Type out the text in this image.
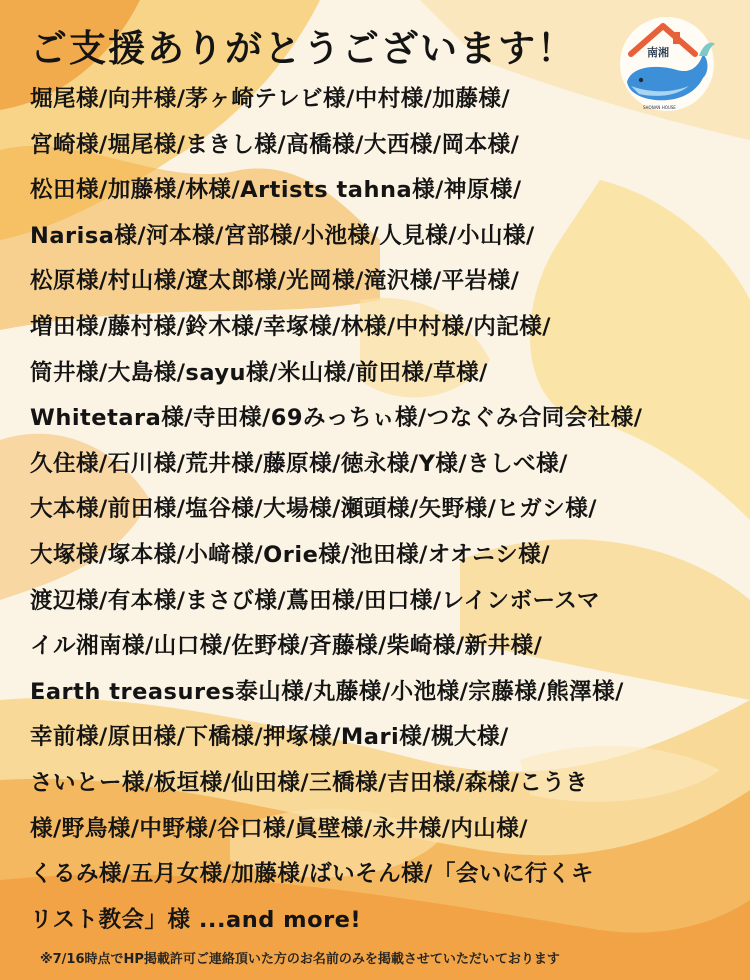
ご支援ありがとうございます！	南湘
SHONAN HOUSE
堀尾様/向井様/茅ヶ崎テレビ様/中村様/加藤様/
宮崎様/堀尾様/まきし様/高橋様/大西様/岡本様/
松田様/加藤様/林様/Artists tahna様/神原様/
Narisa様/河本様/宮部様/小池様/人見様/小山様/
松原様/村山様/遼太郎様/光岡様/滝沢様/平岩様/
増田様/藤村様/鈴木様/幸塚様/林様/中村様/内記様/
筒井様/大島様/sayu様/米山様/前田様/草様/
Whitetara様/寺田様/69みっちぃ様/つなぐみ合同会社様/
久住様/石川様/荒井様/藤原様/徳永様/Y様/きしべ様/
大本様/前田様/塩谷様/大場様/瀬頭様/矢野様/ヒガシ様/
大塚様/塚本様/小﨑様/Orie様/池田様/オオニシ様/
渡辺様/有本様/まさび様/蔦田様/田口様/レインボースマ
イル湘南様/山口様/佐野様/斉藤様/柴崎様/新井様/
Earth treasures泰山様/丸藤様/小池様/宗藤様/熊澤様/
幸前様/原田様/下橋様/押塚様/Mari様/槻大様/
さいとー様/板垣様/仙田様/三橋様/吉田様/森様/こうき
様/野鳥様/中野様/谷口様/眞壁様/永井様/内山様/
くるみ様/五月女様/加藤様/ばいそん様/「会いに行くキ
リスト教会」様 ...and more!
※7/16時点でHP掲載許可ご連絡頂いた方のお名前のみを掲載させていただいております
